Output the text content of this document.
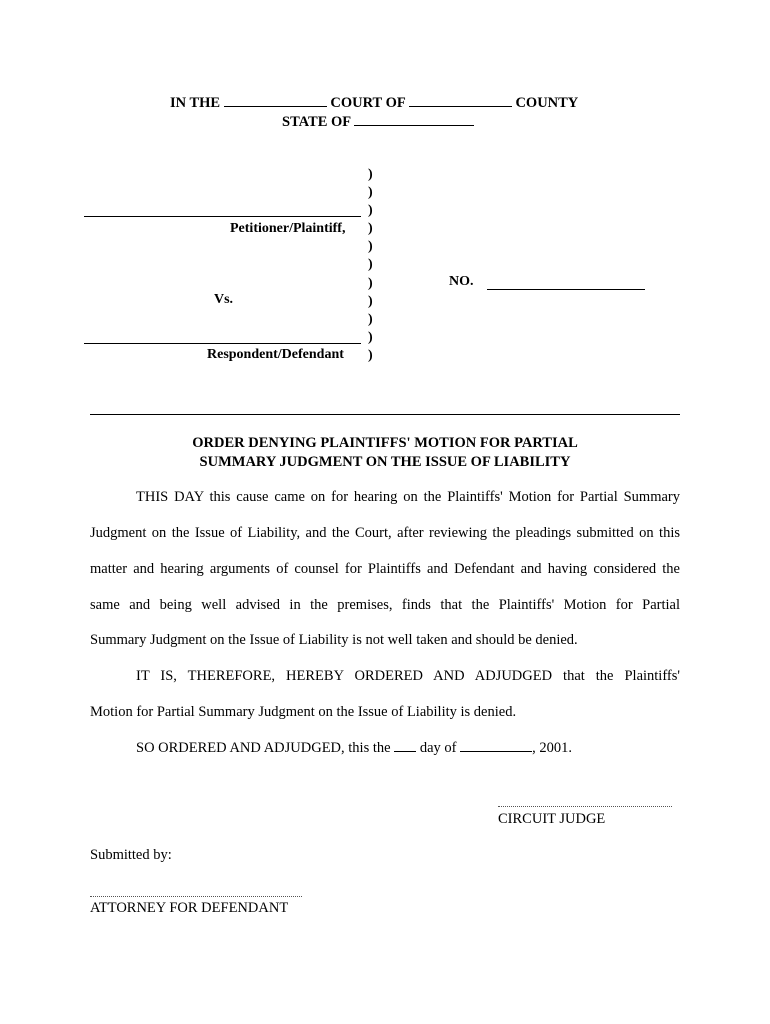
IN THE	COURT OF	COUNTY
STATE OF
)
)
)
)
)
)
)
)
)
)
)
Petitioner/Plaintiff,
Vs.
Respondent/Defendant
NO.
ORDER DENYING PLAINTIFFS' MOTION FOR PARTIAL
SUMMARY JUDGMENT ON THE ISSUE OF LIABILITY
THIS DAY this cause came on for hearing on the Plaintiffs' Motion for Partial Summary
Judgment on the Issue of Liability, and the Court, after reviewing the pleadings submitted on this
matter and hearing arguments of counsel for Plaintiffs and Defendant and having considered the
same and being well advised in the premises, finds that the Plaintiffs' Motion for Partial
Summary Judgment on the Issue of Liability is not well taken and should be denied.
IT IS, THEREFORE, HEREBY ORDERED AND ADJUDGED that the Plaintiffs'
Motion for Partial Summary Judgment on the Issue of Liability is denied.
SO ORDERED AND ADJUDGED, this the day of	, 2001.
CIRCUIT JUDGE
Submitted by:
ATTORNEY FOR DEFENDANT
